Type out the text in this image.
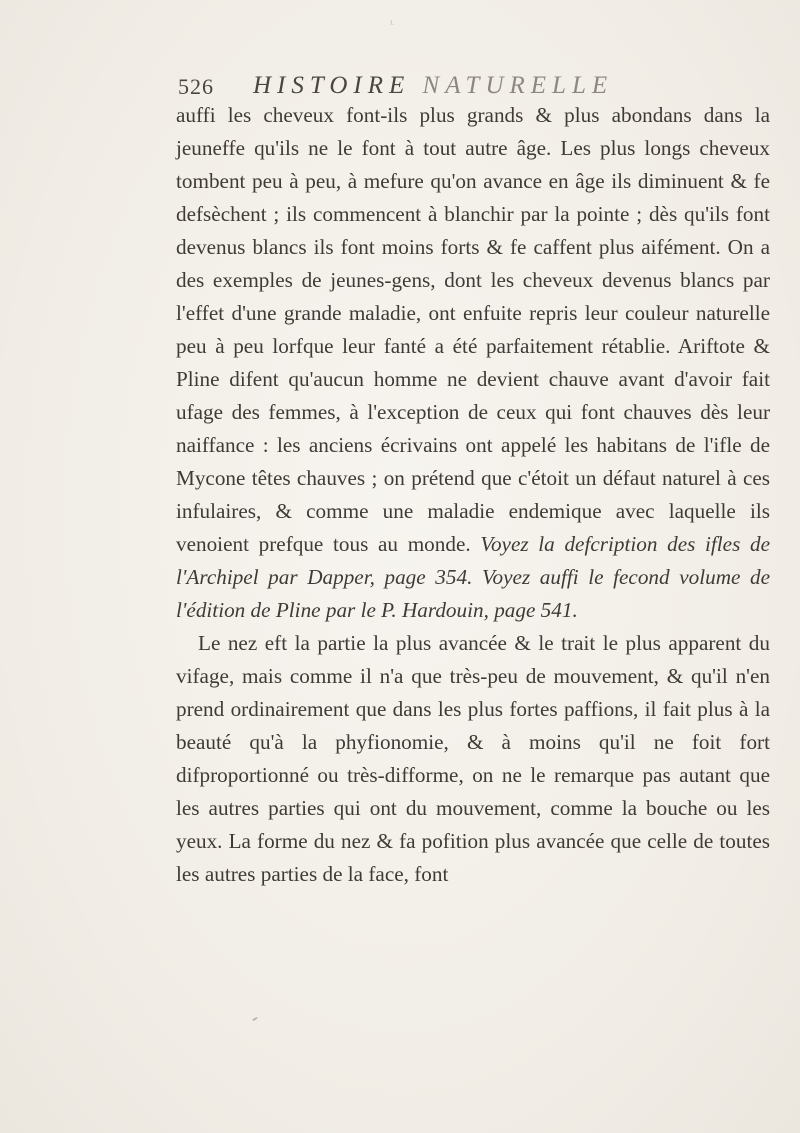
ᴸ
526 HISTOIRE NATURELLE

auffi les cheveux font-ils plus grands & plus abondans dans la jeuneffe qu'ils ne le font à tout autre âge. Les plus longs cheveux tombent peu à peu, à mefure qu'on avance en âge ils diminuent & fe defsèchent ; ils commencent à blanchir par la pointe ; dès qu'ils font devenus blancs ils font moins forts & fe caffent plus aifément. On a des exemples de jeunes-gens, dont les cheveux devenus blancs par l'effet d'une grande maladie, ont enfuite repris leur couleur naturelle peu à peu lorfque leur fanté a été parfaitement rétablie. Ariftote & Pline difent qu'aucun homme ne devient chauve avant d'avoir fait ufage des femmes, à l'exception de ceux qui font chauves dès leur naiffance : les anciens écrivains ont appelé les habitans de l'ifle de Mycone têtes chauves ; on prétend que c'étoit un défaut naturel à ces infulaires, & comme une maladie endemique avec laquelle ils venoient prefque tous au monde. Voyez la defcription des ifles de l'Archipel par Dapper, page 354. Voyez auffi le fecond volume de l'édition de Pline par le P. Hardouin, page 541.

Le nez eft la partie la plus avancée & le trait le plus apparent du vifage, mais comme il n'a que très-peu de mouvement, & qu'il n'en prend ordinairement que dans les plus fortes paffions, il fait plus à la beauté qu'à la phyfionomie, & à moins qu'il ne foit fort difproportionné ou très-difforme, on ne le remarque pas autant que les autres parties qui ont du mouvement, comme la bouche ou les yeux. La forme du nez & fa pofition plus avancée que celle de toutes les autres parties de la face, font
